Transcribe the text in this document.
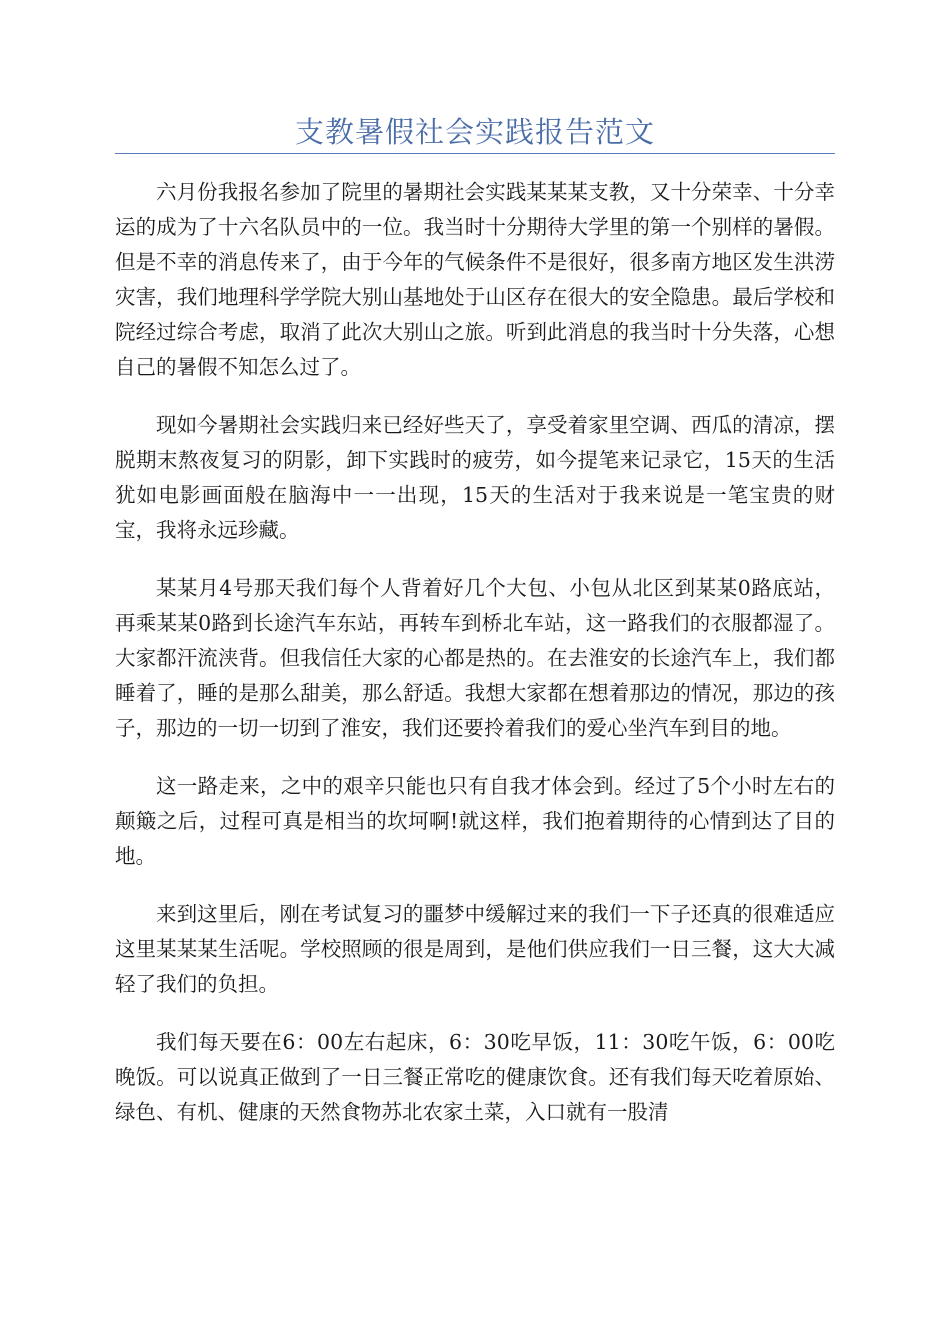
支教暑假社会实践报告范文

六月份我报名参加了院里的暑期社会实践某某某支教，又十分荣幸、十分幸运的成为了十六名队员中的一位。我当时十分期待大学里的第一个别样的暑假。但是不幸的消息传来了，由于今年的气候条件不是很好，很多南方地区发生洪涝灾害，我们地理科学学院大别山基地处于山区存在很大的安全隐患。最后学校和院经过综合考虑，取消了此次大别山之旅。听到此消息的我当时十分失落，心想自己的暑假不知怎么过了。

现如今暑期社会实践归来已经好些天了，享受着家里空调、西瓜的清凉，摆脱期末熬夜复习的阴影，卸下实践时的疲劳，如今提笔来记录它，15天的生活犹如电影画面般在脑海中一一出现，15天的生活对于我来说是一笔宝贵的财宝，我将永远珍藏。

某某月4号那天我们每个人背着好几个大包、小包从北区到某某0路底站，再乘某某0路到长途汽车东站，再转车到桥北车站，这一路我们的衣服都湿了。大家都汗流浃背。但我信任大家的心都是热的。在去淮安的长途汽车上，我们都睡着了，睡的是那么甜美，那么舒适。我想大家都在想着那边的情况，那边的孩子，那边的一切一切到了淮安，我们还要拎着我们的爱心坐汽车到目的地。

这一路走来，之中的艰辛只能也只有自我才体会到。经过了5个小时左右的颠簸之后，过程可真是相当的坎坷啊!就这样，我们抱着期待的心情到达了目的地。

来到这里后，刚在考试复习的噩梦中缓解过来的我们一下子还真的很难适应这里某某某生活呢。学校照顾的很是周到，是他们供应我们一日三餐，这大大减轻了我们的负担。

我们每天要在6：00左右起床，6：30吃早饭，11：30吃午饭，6：00吃晚饭。可以说真正做到了一日三餐正常吃的健康饮食。还有我们每天吃着原始、绿色、有机、健康的天然食物苏北农家土菜，入口就有一股清
